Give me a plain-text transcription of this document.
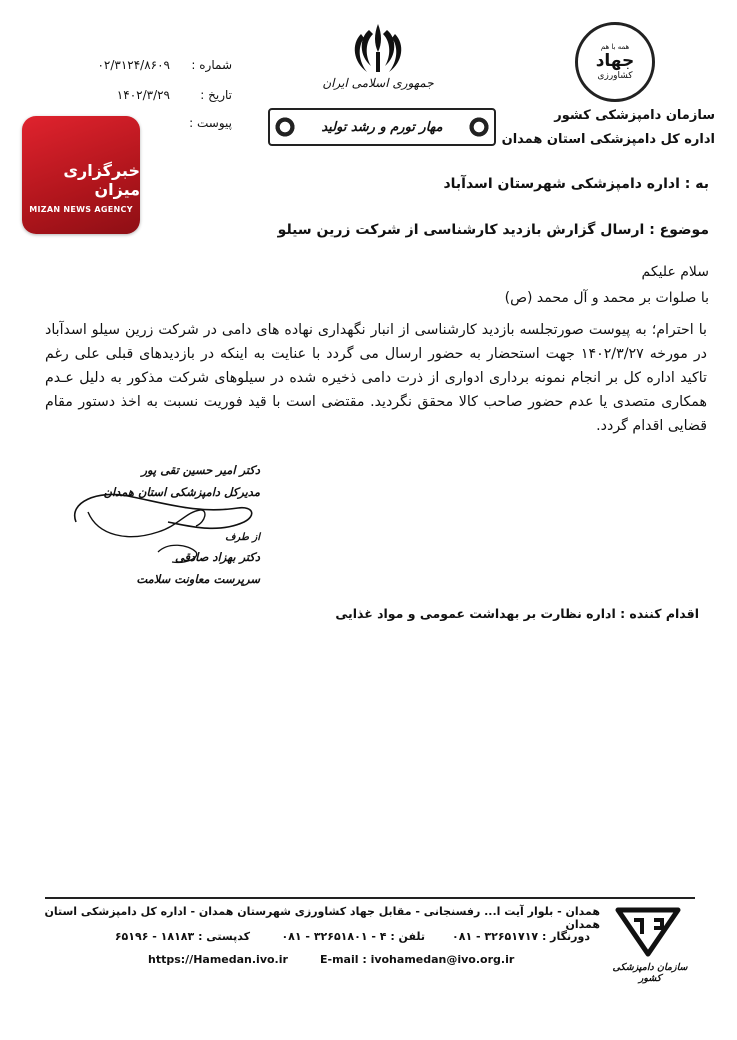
شماره :
۰۲/۳۱۲۴/۸۶۰۹
تاریخ :
۱۴۰۲/۳/۲۹
پیوست :
جمهوری اسلامی ایران
مهار تورم و رشد تولید
خبرگزاری میزان
MIZAN NEWS AGENCY
همه با هم
جهاد
کشاورزی
سازمان دامپزشکی کشور
اداره کل دامپزشکی استان همدان
به : اداره دامپزشکی شهرستان اسدآباد
موضوع : ارسال گزارش بازدید کارشناسی از شرکت زرین سیلو
سلام علیکم
با صلوات بر محمد و آل محمد (ص)
با احترام؛ به پیوست صورتجلسه بازدید کارشناسی از انبار نگهداری نهاده های دامی در شرکت زرین سیلو اسدآباد در مورخه ۱۴۰۲/۳/۲۷ جهت استحضار به حضور ارسال می گردد با عنایت به اینکه در بازدیدهای قبلی علی رغم تاکید اداره کل بر انجام نمونه برداری ادواری از ذرت دامی ذخیره شده در سیلوهای شرکت مذکور به دلیل عـدم همکاری متصدی یا عدم حضور صاحب کالا محقق نگردید. مقتضی است با قید فوریت نسبت به اخذ دستور مقام قضایی اقدام گردد.
دکتر امیر حسین تقی پور
مدیرکل دامپزشکی استان همدان
از طرف
دکتر بهزاد صادقی
سرپرست معاونت سلامت
اقدام کننده : اداره نظارت بر بهداشت عمومی و مواد غذایی
همدان - بلوار آیت ا... رفسنجانی - مقابل جهاد کشاورزی شهرستان همدان - اداره کل دامپزشکی استان همدان
دورنگار : ۳۲۶۵۱۷۱۷ - ۰۸۱
تلفن : ۴ - ۳۲۶۵۱۸۰۱ - ۰۸۱
کدپستی : ۱۸۱۸۳ - ۶۵۱۹۶
https://Hamedan.ivo.ir	E-mail : ivohamedan@ivo.org.ir
سازمان دامپزشکی کشور
